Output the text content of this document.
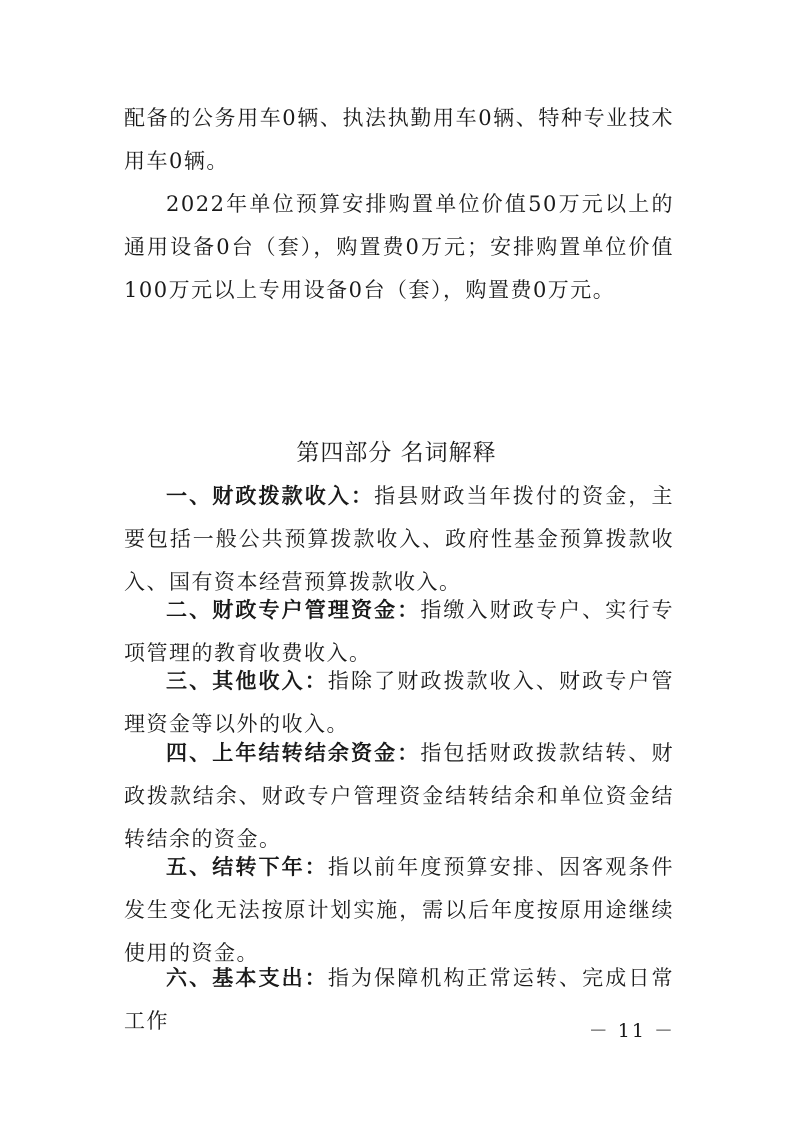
配备的公务用车0辆、执法执勤用车0辆、特种专业技术用车0辆。

2022年单位预算安排购置单位价值50万元以上的通用设备0台（套），购置费0万元；安排购置单位价值100万元以上专用设备0台（套），购置费0万元。

第四部分 名词解释

一、财政拨款收入：指县财政当年拨付的资金，主要包括一般公共预算拨款收入、政府性基金预算拨款收入、国有资本经营预算拨款收入。

二、财政专户管理资金：指缴入财政专户、实行专项管理的教育收费收入。

三、其他收入：指除了财政拨款收入、财政专户管理资金等以外的收入。

四、上年结转结余资金：指包括财政拨款结转、财政拨款结余、财政专户管理资金结转结余和单位资金结转结余的资金。

五、结转下年：指以前年度预算安排、因客观条件发生变化无法按原计划实施，需以后年度按原用途继续使用的资金。

六、基本支出：指为保障机构正常运转、完成日常工作	－ 11 －
